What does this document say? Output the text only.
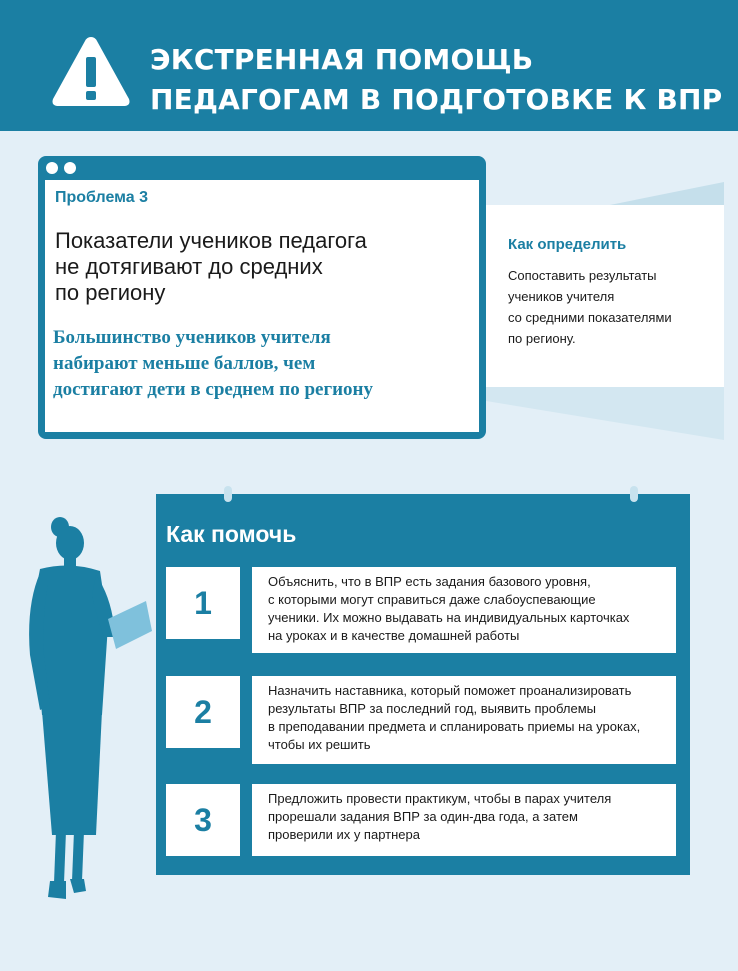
ЭКСТРЕННАЯ ПОМОЩЬ
ПЕДАГОГАМ В ПОДГОТОВКЕ К ВПР
Проблема 3
Показатели учеников педагога
не дотягивают до средних
по региону
Большинство учеников учителя
набирают меньше баллов, чем
достигают дети в среднем по региону
Как определить
Сопоставить результаты
учеников учителя
со средними показателями
по региону.
Как помочь
1
Объяснить, что в ВПР есть задания базового уровня,
с которыми могут справиться даже слабоуспевающие
ученики. Их можно выдавать на индивидуальных карточках
на уроках и в качестве домашней работы
2
Назначить наставника, который поможет проанализировать
результаты ВПР за последний год, выявить проблемы
в преподавании предмета и спланировать приемы на уроках,
чтобы их решить
3
Предложить провести практикум, чтобы в парах учителя
прорешали задания ВПР за один-два года, а затем
проверили их у партнера
